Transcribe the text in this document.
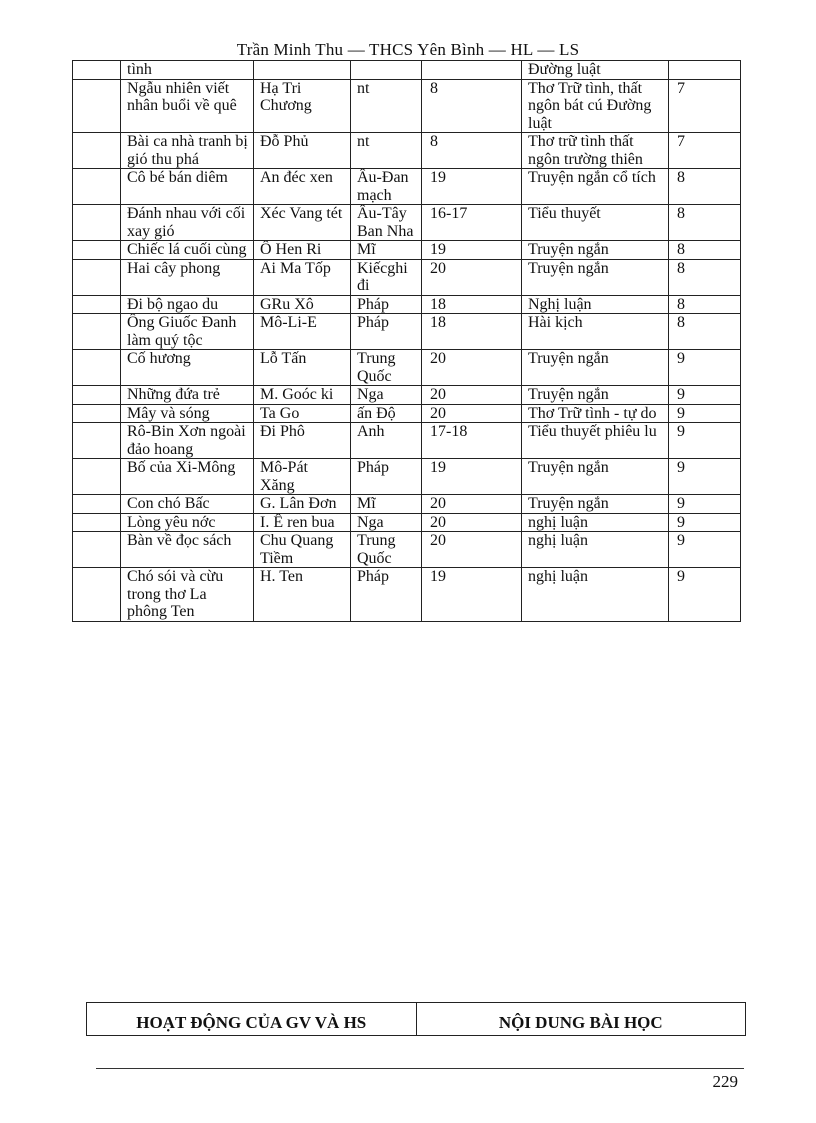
Trần Minh Thu — THCS Yên Bình — HL — LS
	tình				Đường luật	
	Ngẫu nhiên viết nhân buổi về quê	Hạ Tri Chương	nt	8	Thơ Trữ tình, thất ngôn bát cú Đường luật	7
	Bài ca nhà tranh bị gió thu phá	Đỗ Phủ	nt	8	Thơ trữ tình thất ngôn trường thiên	7
	Cô bé bán diêm	An đéc xen	Âu-Đan mạch	19	Truyện ngắn cổ tích	8
	Đánh nhau với cối xay gió	Xéc Vang tét	Âu-Tây Ban Nha	16-17	Tiểu thuyết	8
	Chiếc lá cuối cùng	Ô Hen Ri	Mĩ	19	Truyện ngắn	8
	Hai cây phong	Ai Ma Tốp	Kiếcghi đi	20	Truyện ngắn	8
	Đi bộ ngao du	GRu Xô	Pháp	18	Nghị luận	8
	Ông Giuốc Đanh làm quý tộc	Mô-Li-E	Pháp	18	Hài kịch	8
	Cố hương	Lỗ Tấn	Trung Quốc	20	Truyện ngắn	9
	Những đứa trẻ	M. Goóc ki	Nga	20	Truyện ngắn	9
	Mây và sóng	Ta Go	ấn Độ	20	Thơ Trữ tình - tự do	9
	Rô-Bin Xơn ngoài đảo hoang	Đi Phô	Anh	17-18	Tiểu thuyết phiêu lu	9
	Bố của Xi-Mông	Mô-Pát Xăng	Pháp	19	Truyện ngắn	9
	Con chó Bấc	G. Lân Đơn	Mĩ	20	Truyện ngắn	9
	Lòng yêu nớc	I. Ê ren bua	Nga	20	nghị luận	9
	Bàn về đọc sách	Chu Quang Tiềm	Trung Quốc	20	nghị luận	9
	Chó sói và cừu trong thơ La phông Ten	H. Ten	Pháp	19	nghị luận	9
HOẠT ĐỘNG CỦA GV VÀ HS	NỘI DUNG BÀI HỌC
229
